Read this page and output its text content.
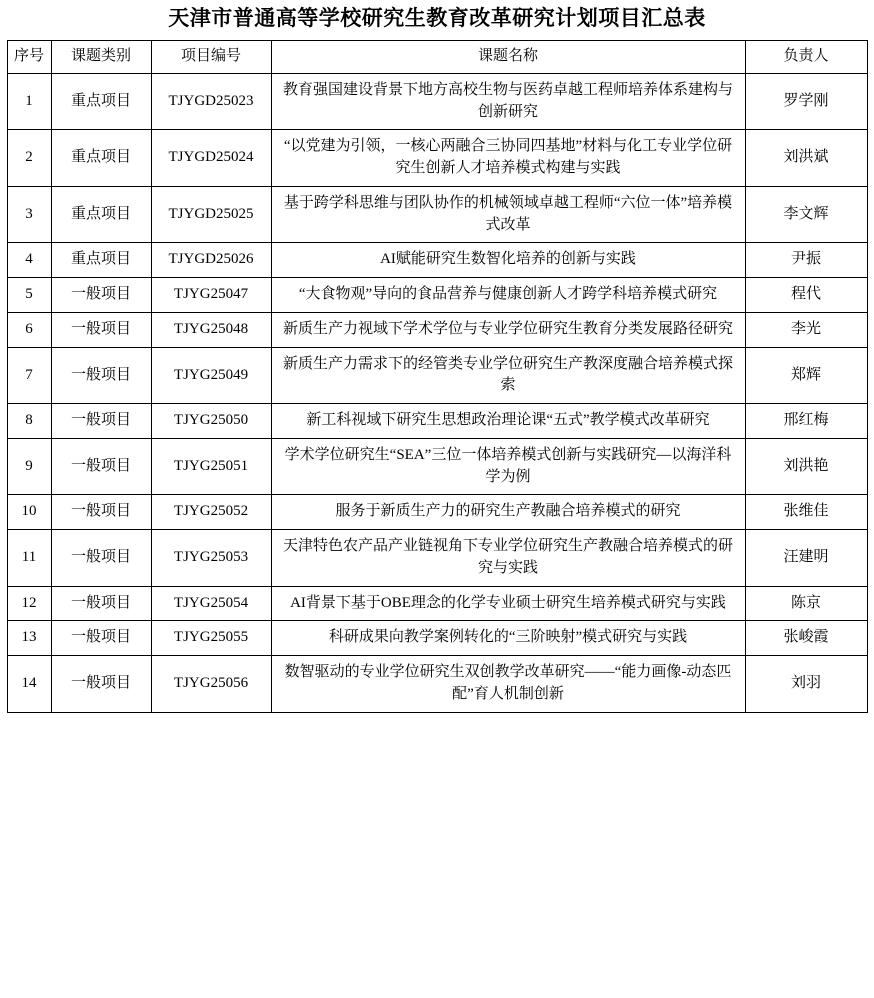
天津市普通高等学校研究生教育改革研究计划项目汇总表
序号	课题类别	项目编号	课题名称	负责人
1	重点项目	TJYGD25023	教育强国建设背景下地方高校生物与医药卓越工程师培养体系建构与创新研究	罗学刚
2	重点项目	TJYGD25024	“以党建为引领，一核心两融合三协同四基地”材料与化工专业学位研究生创新人才培养模式构建与实践	刘洪斌
3	重点项目	TJYGD25025	基于跨学科思维与团队协作的机械领域卓越工程师“六位一体”培养模式改革	李文辉
4	重点项目	TJYGD25026	AI赋能研究生数智化培养的创新与实践	尹振
5	一般项目	TJYG25047	“大食物观”导向的食品营养与健康创新人才跨学科培养模式研究	程代
6	一般项目	TJYG25048	新质生产力视域下学术学位与专业学位研究生教育分类发展路径研究	李光
7	一般项目	TJYG25049	新质生产力需求下的经管类专业学位研究生产教深度融合培养模式探索	郑辉
8	一般项目	TJYG25050	新工科视域下研究生思想政治理论课“五式”教学模式改革研究	邢红梅
9	一般项目	TJYG25051	学术学位研究生“SEA”三位一体培养模式创新与实践研究—以海洋科学为例	刘洪艳
10	一般项目	TJYG25052	服务于新质生产力的研究生产教融合培养模式的研究	张维佳
11	一般项目	TJYG25053	天津特色农产品产业链视角下专业学位研究生产教融合培养模式的研究与实践	汪建明
12	一般项目	TJYG25054	AI背景下基于OBE理念的化学专业硕士研究生培养模式研究与实践	陈京
13	一般项目	TJYG25055	科研成果向教学案例转化的“三阶映射”模式研究与实践	张峻霞
14	一般项目	TJYG25056	数智驱动的专业学位研究生双创教学改革研究——“能力画像-动态匹配”育人机制创新	刘羽
